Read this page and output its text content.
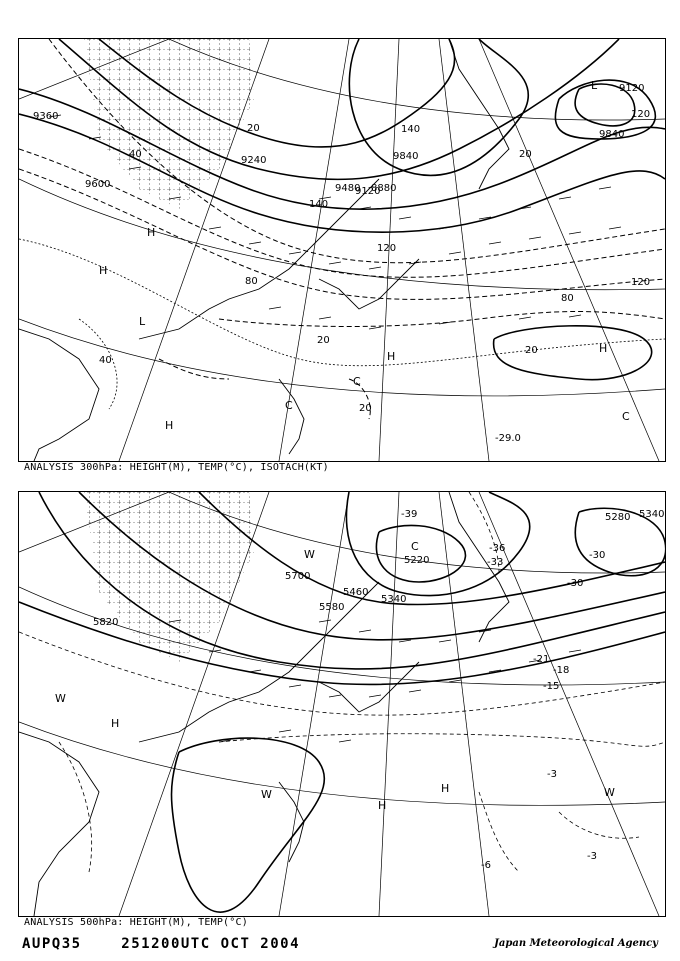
9120
9240
9360
9600	9480
9840
8880
9120
9840
20
40
80
120
140
20
20
40
80
120
120
140
20
-29.0
20
H
H
L
H
H
H
C
C
C
L
ANALYSIS 300hPa: HEIGHT(M), TEMP(°C), ISOTACH(KT)
5700
5820
5580
5460
5340
5220
5280 5340
-39
-36
-33
-30
-21
-18
-15
-3
-3
-6
-30
W
H
W
H
H	W
C
W
ANALYSIS 500hPa: HEIGHT(M), TEMP(°C)
AUPQ35	251200UTC OCT 2004	Japan Meteorological Agency
